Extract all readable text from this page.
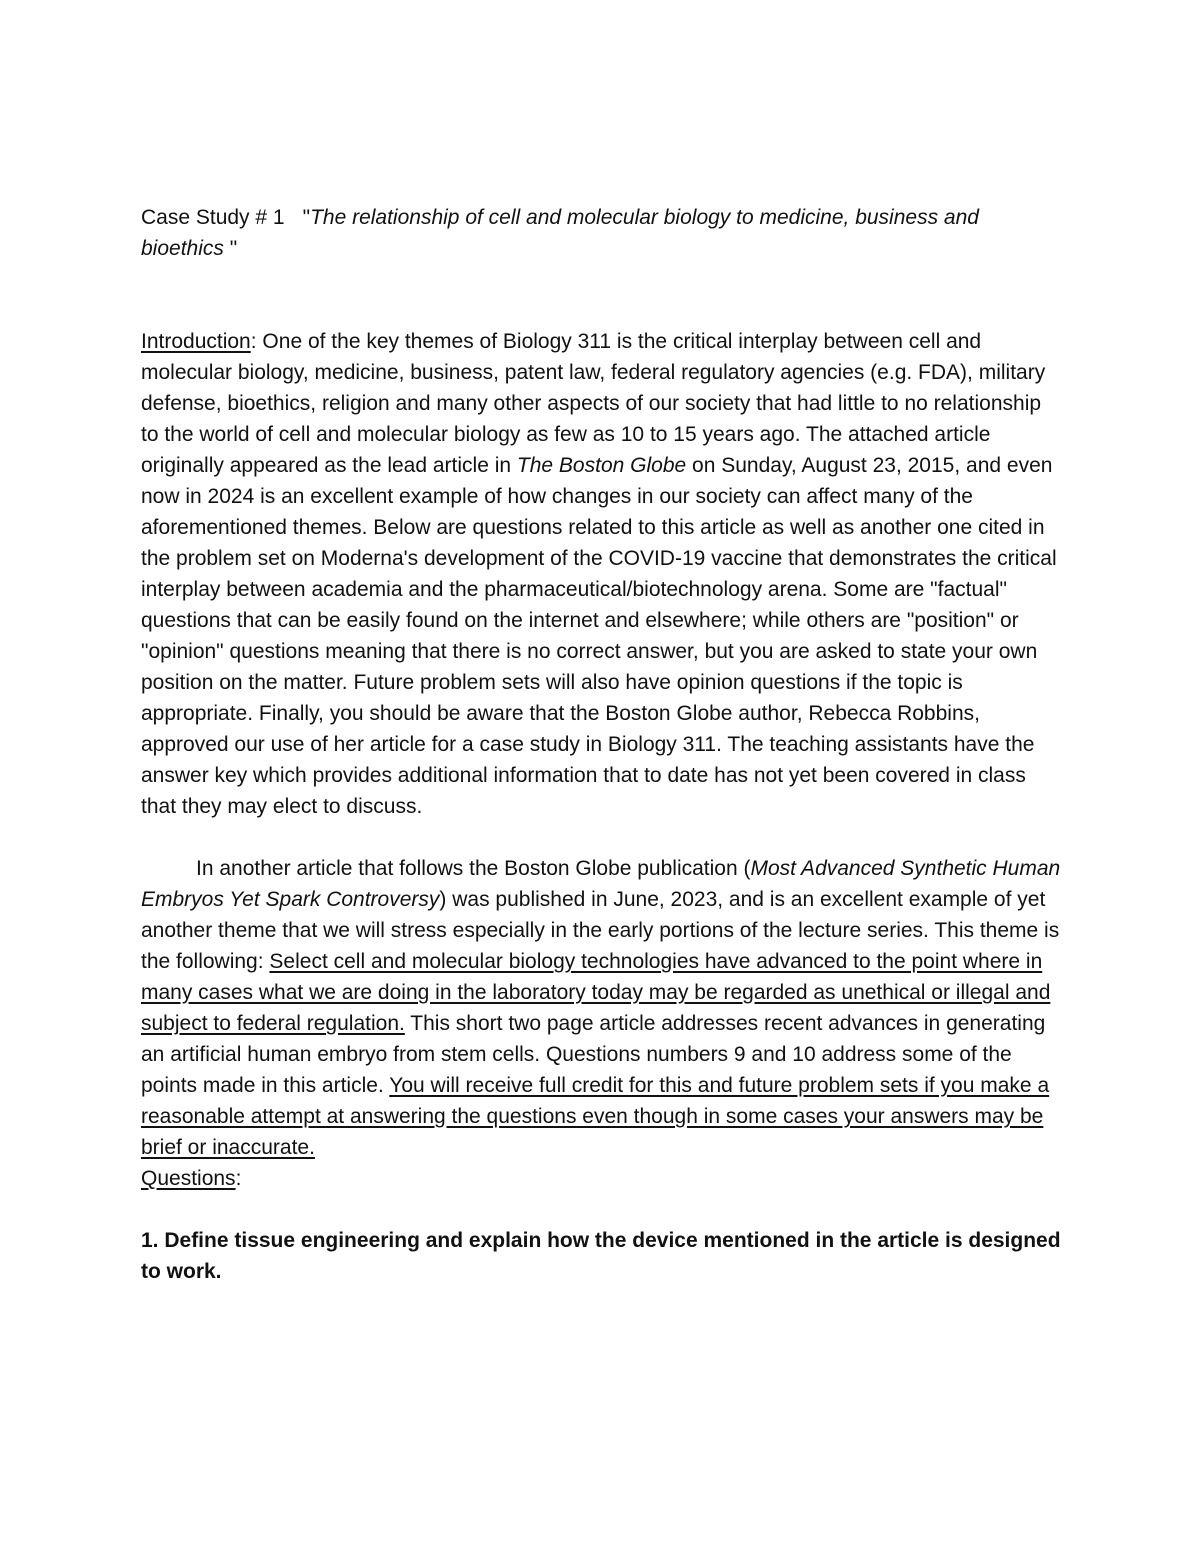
Case Study # 1 "The relationship of cell and molecular biology to medicine, business and bioethics "

Introduction: One of the key themes of Biology 311 is the critical interplay between cell and molecular biology, medicine, business, patent law, federal regulatory agencies (e.g. FDA), military defense, bioethics, religion and many other aspects of our society that had little to no relationship to the world of cell and molecular biology as few as 10 to 15 years ago. The attached article originally appeared as the lead article in The Boston Globe on Sunday, August 23, 2015, and even now in 2024 is an excellent example of how changes in our society can affect many of the aforementioned themes. Below are questions related to this article as well as another one cited in the problem set on Moderna's development of the COVID-19 vaccine that demonstrates the critical interplay between academia and the pharmaceutical/biotechnology arena. Some are "factual" questions that can be easily found on the internet and elsewhere; while others are "position" or "opinion" questions meaning that there is no correct answer, but you are asked to state your own position on the matter. Future problem sets will also have opinion questions if the topic is appropriate. Finally, you should be aware that the Boston Globe author, Rebecca Robbins, approved our use of her article for a case study in Biology 311. The teaching assistants have the answer key which provides additional information that to date has not yet been covered in class that they may elect to discuss.

In another article that follows the Boston Globe publication (Most Advanced Synthetic Human Embryos Yet Spark Controversy) was published in June, 2023, and is an excellent example of yet another theme that we will stress especially in the early portions of the lecture series. This theme is the following: Select cell and molecular biology technologies have advanced to the point where in many cases what we are doing in the laboratory today may be regarded as unethical or illegal and subject to federal regulation. This short two page article addresses recent advances in generating an artificial human embryo from stem cells. Questions numbers 9 and 10 address some of the points made in this article. You will receive full credit for this and future problem sets if you make a reasonable attempt at answering the questions even though in some cases your answers may be brief or inaccurate.

Questions:

1. Define tissue engineering and explain how the device mentioned in the article is designed to work.
